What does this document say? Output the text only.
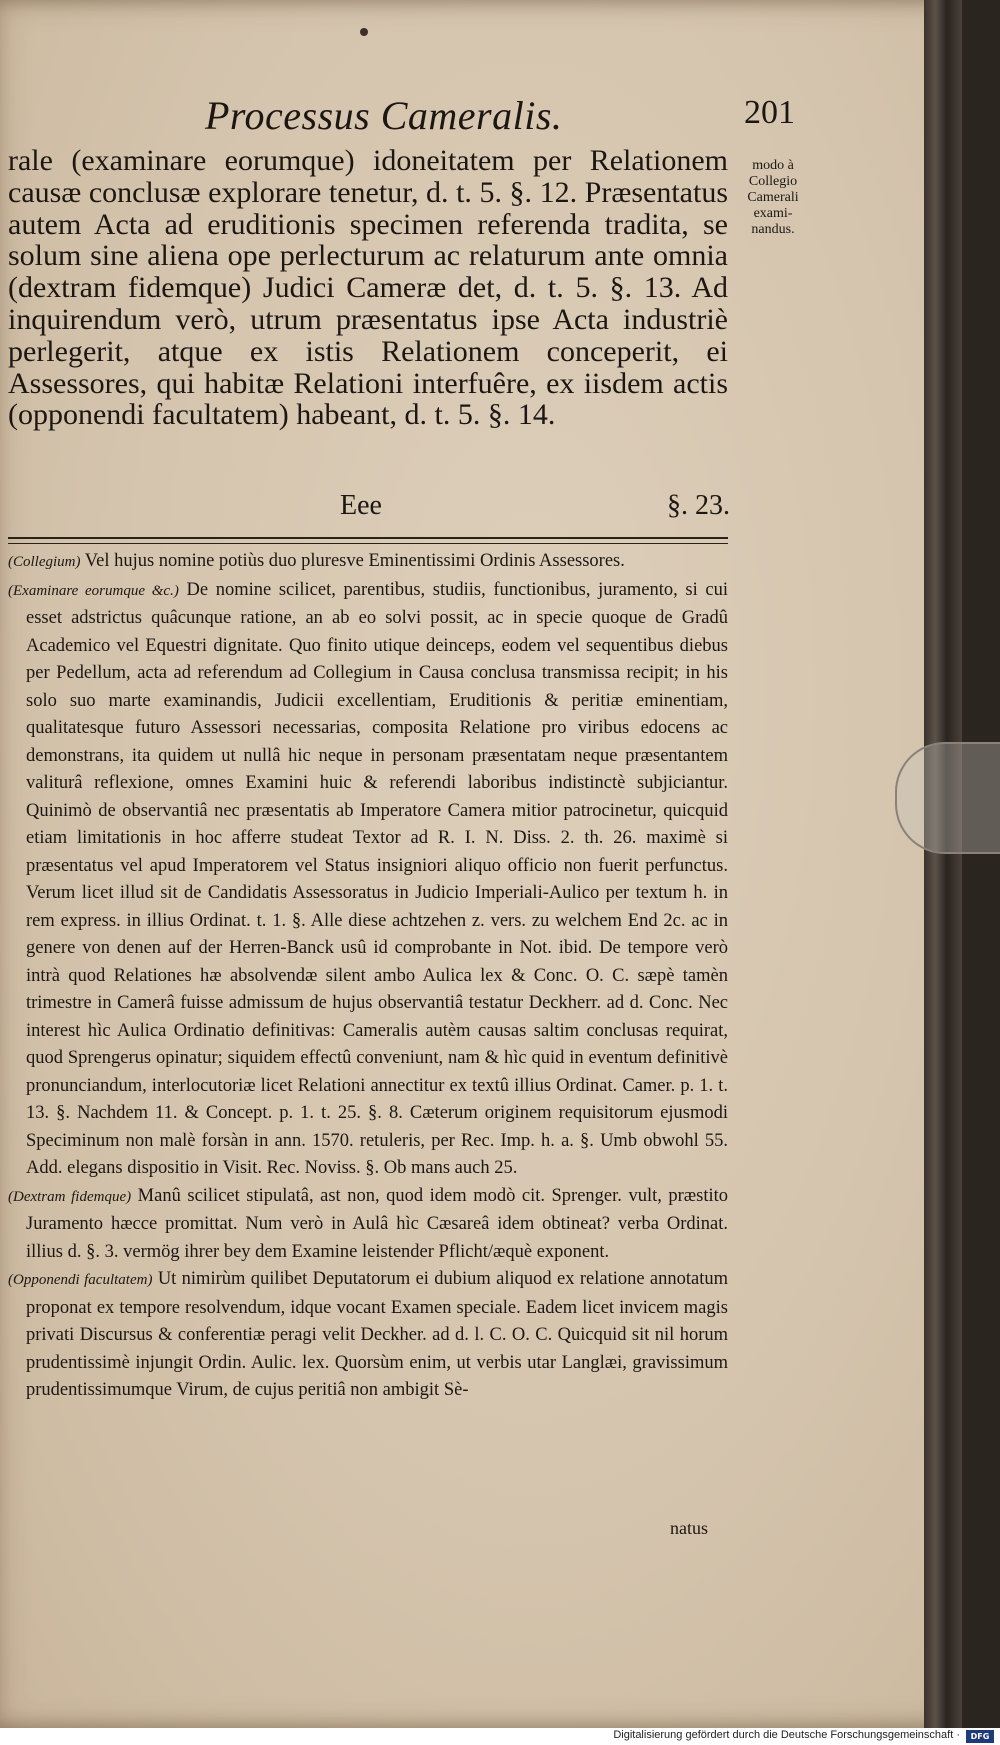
Processus Cameralis.	201

rale (examinare eorumque) idoneitatem per Relationem causæ conclusæ explorare tenetur, d. t. 5. §. 12. Præsentatus autem Acta ad eruditionis specimen referenda tradita, se solum sine aliena ope perlecturum ac relaturum ante omnia (dextram fidemque) Judici Cameræ det, d. t. 5. §. 13. Ad inquirendum verò, utrum præsentatus ipse Acta industriè perlegerit, atque ex istis Relationem conceperit, ei Assessores, qui habitæ Relationi interfuêre, ex iisdem actis (opponendi facultatem) habeant, d. t. 5. §. 14.

modo à
Collegio
Camerali
exami-
nandus.
Eee	§. 23.

(Collegium) Vel hujus nomine potiùs duo pluresve Eminentissimi Ordinis Assessores.

(Examinare eorumque &c.) De nomine scilicet, parentibus, studiis, functionibus, juramento, si cui esset adstrictus quâcunque ratione, an ab eo solvi possit, ac in specie quoque de Gradû Academico vel Equestri dignitate. Quo finito utique deinceps, eodem vel sequentibus diebus per Pedellum, acta ad referendum ad Collegium in Causa conclusa transmissa recipit; in his solo suo marte examinandis, Judicii excellentiam, Eruditionis & peritiæ eminentiam, qualitatesque futuro Assessori necessarias, composita Relatione pro viribus edocens ac demonstrans, ita quidem ut nullâ hic neque in personam præsentatam neque præsentantem valiturâ reflexione, omnes Examini huic & referendi laboribus indistinctè subjiciantur. Quinimò de observantiâ nec præsentatis ab Imperatore Camera mitior patrocinetur, quicquid etiam limitationis in hoc afferre studeat Textor ad R. I. N. Diss. 2. th. 26. maximè si præsentatus vel apud Imperatorem vel Status insigniori aliquo officio non fuerit perfunctus. Verum licet illud sit de Candidatis Assessoratus in Judicio Imperiali-Aulico per textum h. in rem express. in illius Ordinat. t. 1. §. Alle diese achtzehen z. vers. zu welchem End 2c. ac in genere von denen auf der Herren-Banck usû id comprobante in Not. ibid. De tempore verò intrà quod Relationes hæ absolvendæ silent ambo Aulica lex & Conc. O. C. sæpè tamèn trimestre in Camerâ fuisse admissum de hujus observantiâ testatur Deckherr. ad d. Conc. Nec interest hìc Aulica Ordinatio definitivas: Cameralis autèm causas saltim conclusas requirat, quod Sprengerus opinatur; siquidem effectû conveniunt, nam & hìc quid in eventum definitivè pronunciandum, interlocutoriæ licet Relationi annectitur ex textû illius Ordinat. Camer. p. 1. t. 13. §. Nachdem 11. & Concept. p. 1. t. 25. §. 8. Cæterum originem requisitorum ejusmodi Speciminum non malè forsàn in ann. 1570. retuleris, per Rec. Imp. h. a. §. Umb obwohl 55. Add. elegans dispositio in Visit. Rec. Noviss. §. Ob mans auch 25.

(Dextram fidemque) Manû scilicet stipulatâ, ast non, quod idem modò cit. Sprenger. vult, præstito Juramento hæcce promittat. Num verò in Aulâ hìc Cæsareâ idem obtineat? verba Ordinat. illius d. §. 3. vermög ihrer bey dem Examine leistender Pflicht/æquè exponent.

(Opponendi facultatem) Ut nimirùm quilibet Deputatorum ei dubium aliquod ex relatione annotatum proponat ex tempore resolvendum, idque vocant Examen speciale. Eadem licet invicem magis privati Discursus & conferentiæ peragi velit Deckher. ad d. l. C. O. C. Quicquid sit nil horum prudentissimè injungit Ordin. Aulic. lex. Quorsùm enim, ut verbis utar Langlæi, gravissimum prudentissimumque Virum, de cujus peritiâ non ambigit Sè-

natus
Digitalisierung gefördert durch die Deutsche Forschungsgemeinschaft ·	DFG
